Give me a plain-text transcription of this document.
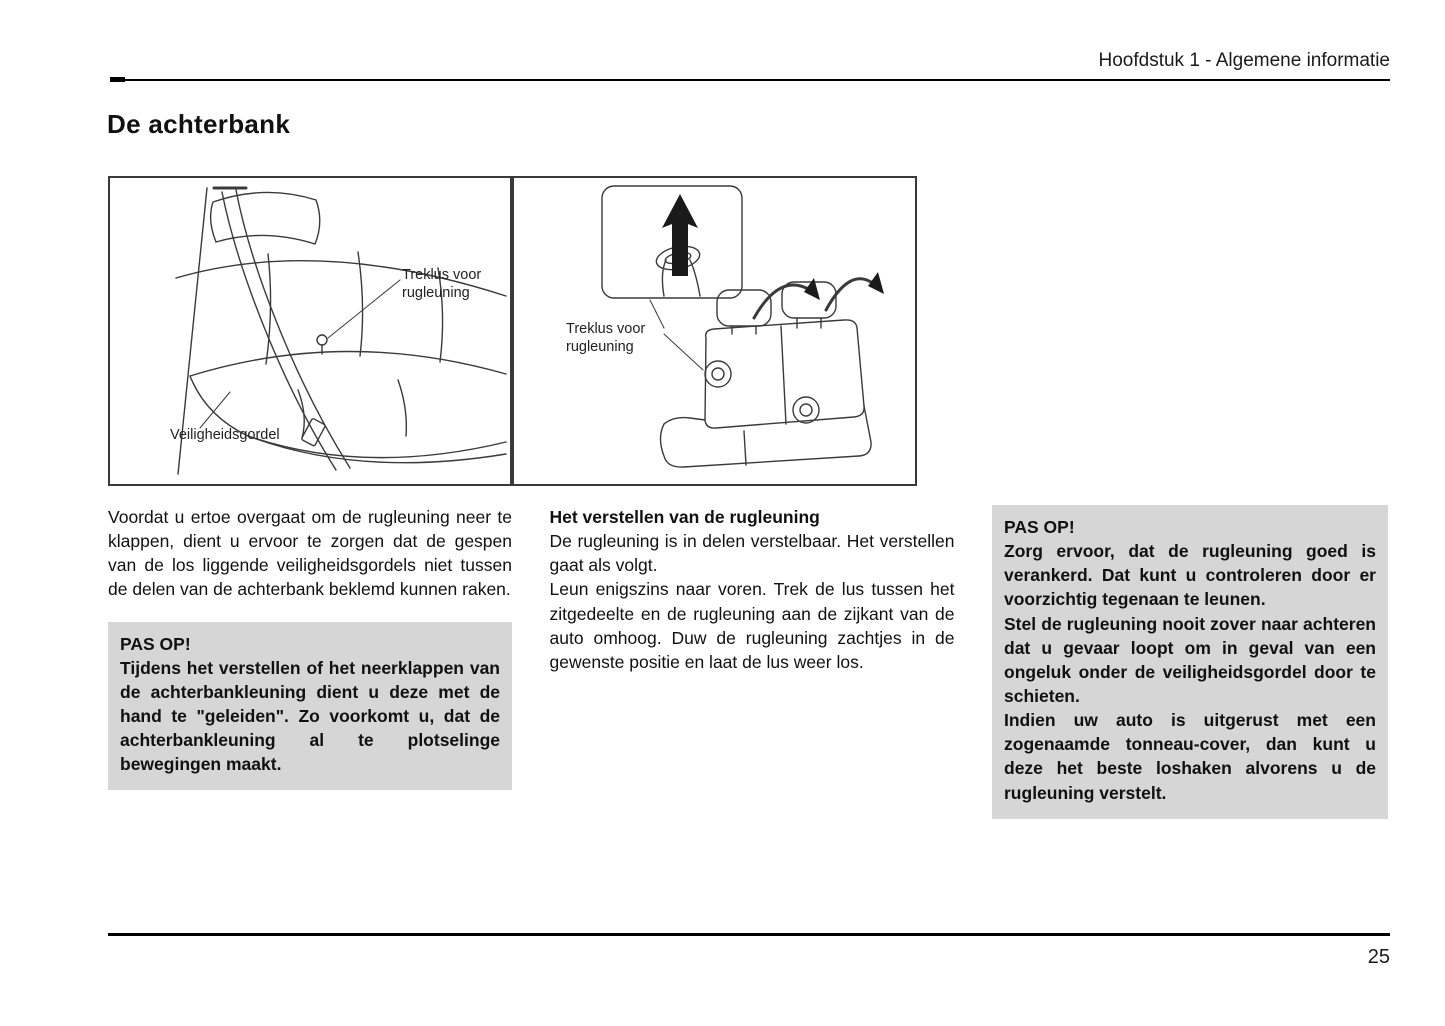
Hoofdstuk 1 - Algemene informatie
De achterbank
Treklus voor rugleuning
Veiligheidsgordel
Treklus voor rugleuning

Voordat u ertoe overgaat om de rugleuning neer te klappen, dient u ervoor te zorgen dat de gespen van de los liggende veiligheidsgordels niet tussen de delen van de achterbank beklemd kunnen raken.

PAS OP!

Tijdens het verstellen of het neerklappen van de achterbankleuning dient u deze met de hand te "geleiden". Zo voorkomt u, dat de achterbankleuning al te plotselinge bewegingen maakt.

Het verstellen van de rugleuning

De rugleuning is in delen verstelbaar. Het verstellen gaat als volgt.

Leun enigszins naar voren. Trek de lus tussen het zitgedeelte en de rugleuning aan de zijkant van de auto omhoog. Duw de rugleuning zachtjes in de gewenste positie en laat de lus weer los.

PAS OP!

Zorg ervoor, dat de rugleuning goed is verankerd. Dat kunt u controleren door er voorzichtig tegenaan te leunen.

Stel de rugleuning nooit zover naar achteren dat u gevaar loopt om in geval van een ongeluk onder de veiligheidsgordel door te schieten.

Indien uw auto is uitgerust met een zogenaamde tonneau-cover, dan kunt u deze het beste loshaken alvorens u de rugleuning verstelt.

25
